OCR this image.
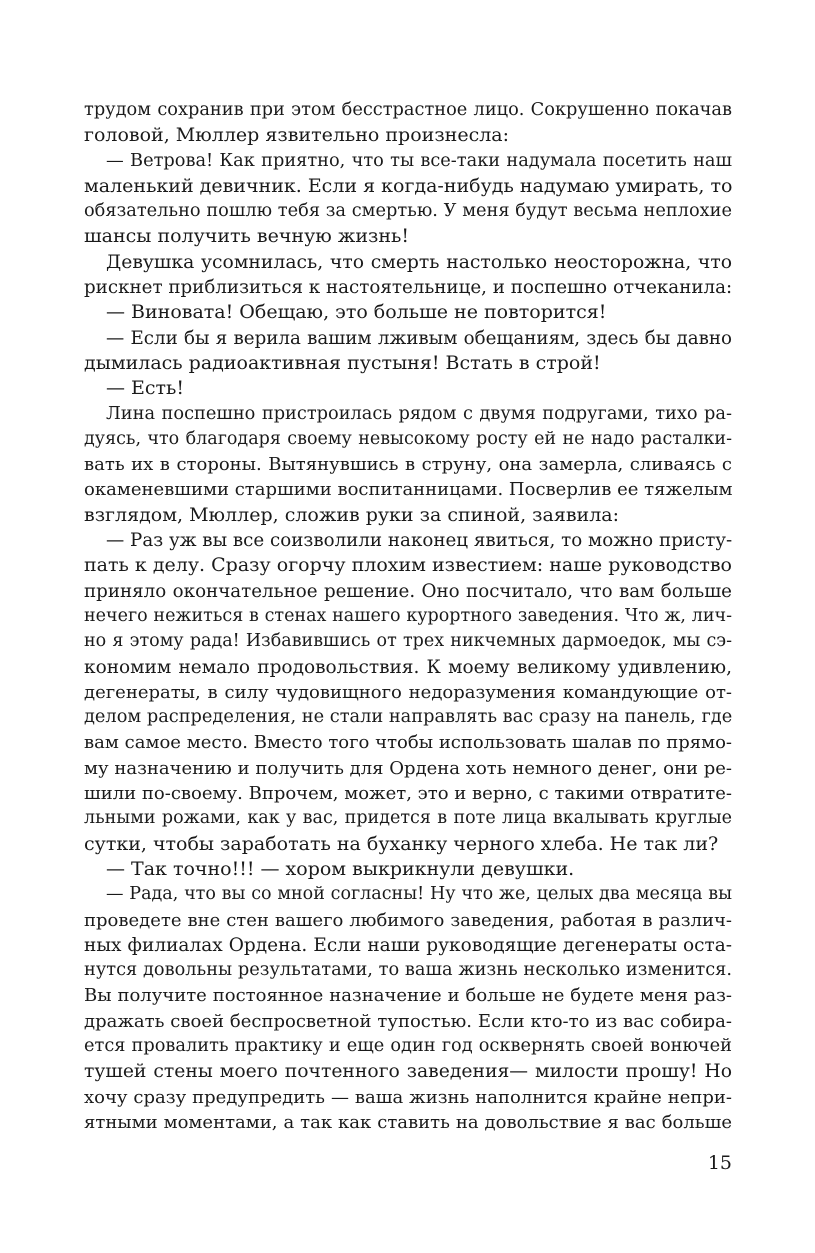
трудом сохранив при этом бесстрастное лицо. Сокрушенно покачав
головой, Мюллер язвительно произнесла:
— Ветрова! Как приятно, что ты все-таки надумала посетить наш
маленький девичник. Если я когда-нибудь надумаю умирать, то
обязательно пошлю тебя за смертью. У меня будут весьма неплохие
шансы получить вечную жизнь!
Девушка усомнилась, что смерть настолько неосторожна, что
рискнет приблизиться к настоятельнице, и поспешно отчеканила:
— Виновата! Обещаю, это больше не повторится!
— Если бы я верила вашим лживым обещаниям, здесь бы давно
дымилась радиоактивная пустыня! Встать в строй!
— Есть!
Лина поспешно пристроилась рядом с двумя подругами, тихо ра-
дуясь, что благодаря своему невысокому росту ей не надо расталки-
вать их в стороны. Вытянувшись в струну, она замерла, сливаясь с
окаменевшими старшими воспитанницами. Посверлив ее тяжелым
взглядом, Мюллер, сложив руки за спиной, заявила:
— Раз уж вы все соизволили наконец явиться, то можно присту-
пать к делу. Сразу огорчу плохим известием: наше руководство
приняло окончательное решение. Оно посчитало, что вам больше
нечего нежиться в стенах нашего курортного заведения. Что ж, лич-
но я этому рада! Избавившись от трех никчемных дармоедок, мы сэ-
кономим немало продовольствия. К моему великому удивлению,
дегенераты, в силу чудовищного недоразумения командующие от-
делом распределения, не стали направлять вас сразу на панель, где
вам самое место. Вместо того чтобы использовать шалав по прямо-
му назначению и получить для Ордена хоть немного денег, они ре-
шили по-своему. Впрочем, может, это и верно, с такими отвратите-
льными рожами, как у вас, придется в поте лица вкалывать круглые
сутки, чтобы заработать на буханку черного хлеба. Не так ли?
— Так точно!!! — хором выкрикнули девушки.
— Рада, что вы со мной согласны! Ну что же, целых два месяца вы
проведете вне стен вашего любимого заведения, работая в различ-
ных филиалах Ордена. Если наши руководящие дегенераты оста-
нутся довольны результатами, то ваша жизнь несколько изменится.
Вы получите постоянное назначение и больше не будете меня раз-
дражать своей беспросветной тупостью. Если кто-то из вас собира-
ется провалить практику и еще один год осквернять своей вонючей
тушей стены моего почтенного заведения— милости прошу! Но
хочу сразу предупредить — ваша жизнь наполнится крайне непри-
ятными моментами, а так как ставить на довольствие я вас больше
15
